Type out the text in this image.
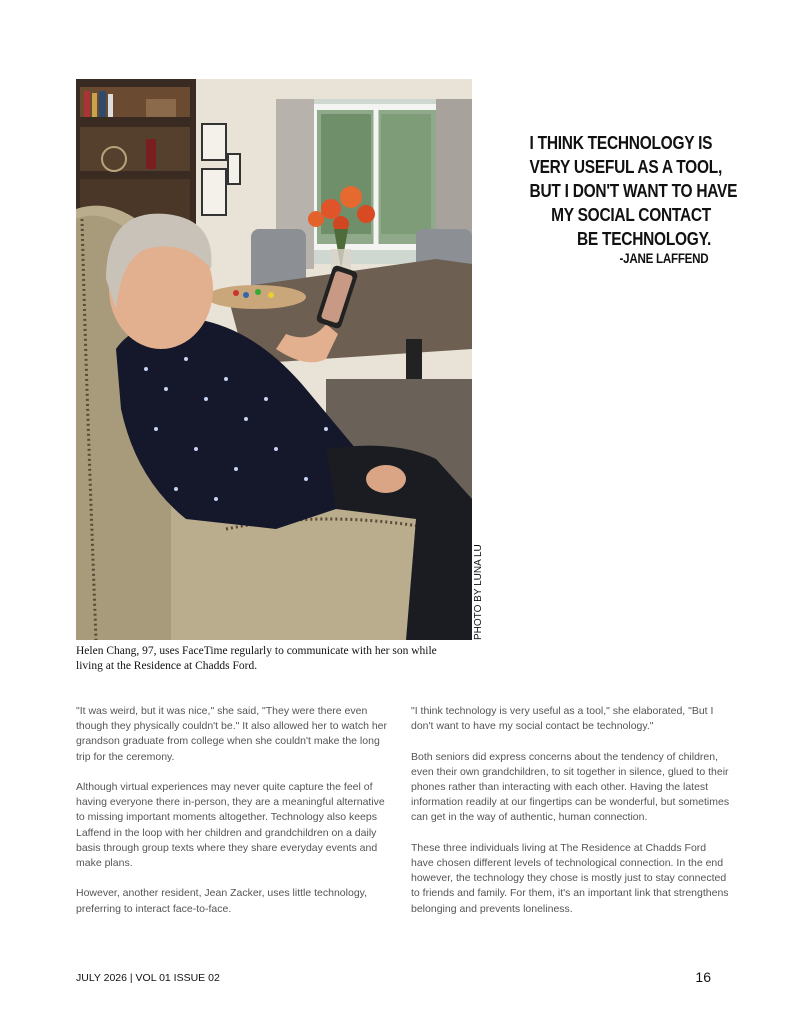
PHOTO BY LUNA LU
Helen Chang, 97, uses FaceTime regularly to communicate with her son while living at the Residence at Chadds Ford.
I THINK TECHNOLOGY IS
VERY USEFUL AS A TOOL,
BUT I DON'T WANT TO HAVE
MY SOCIAL CONTACT
BE TECHNOLOGY.
-JANE LAFFEND

"It was weird, but it was nice," she said, "They were there even though they physically couldn't be." It also allowed her to watch her grandson graduate from college when she couldn't make the long trip for the ceremony.

Although virtual experiences may never quite capture the feel of having everyone there in-person, they are a meaningful alternative to missing important moments altogether. Technology also keeps Laffend in the loop with her children and grandchildren on a daily basis through group texts where they share everyday events and make plans.

However, another resident, Jean Zacker, uses little technology, preferring to interact face-to-face.

"I think technology is very useful as a tool," she elaborated, "But I don't want to have my social contact be technology."

Both seniors did express concerns about the tendency of children, even their own grandchildren, to sit together in silence, glued to their phones rather than interacting with each other. Having the latest information readily at our fingertips can be wonderful, but sometimes can get in the way of authentic, human connection.

These three individuals living at The Residence at Chadds Ford have chosen different levels of technological connection. In the end however, the technology they chose is mostly just to stay connected to friends and family. For them, it's an important link that strengthens belonging and prevents loneliness.

JULY 2026 | VOL 01 ISSUE 02	16
